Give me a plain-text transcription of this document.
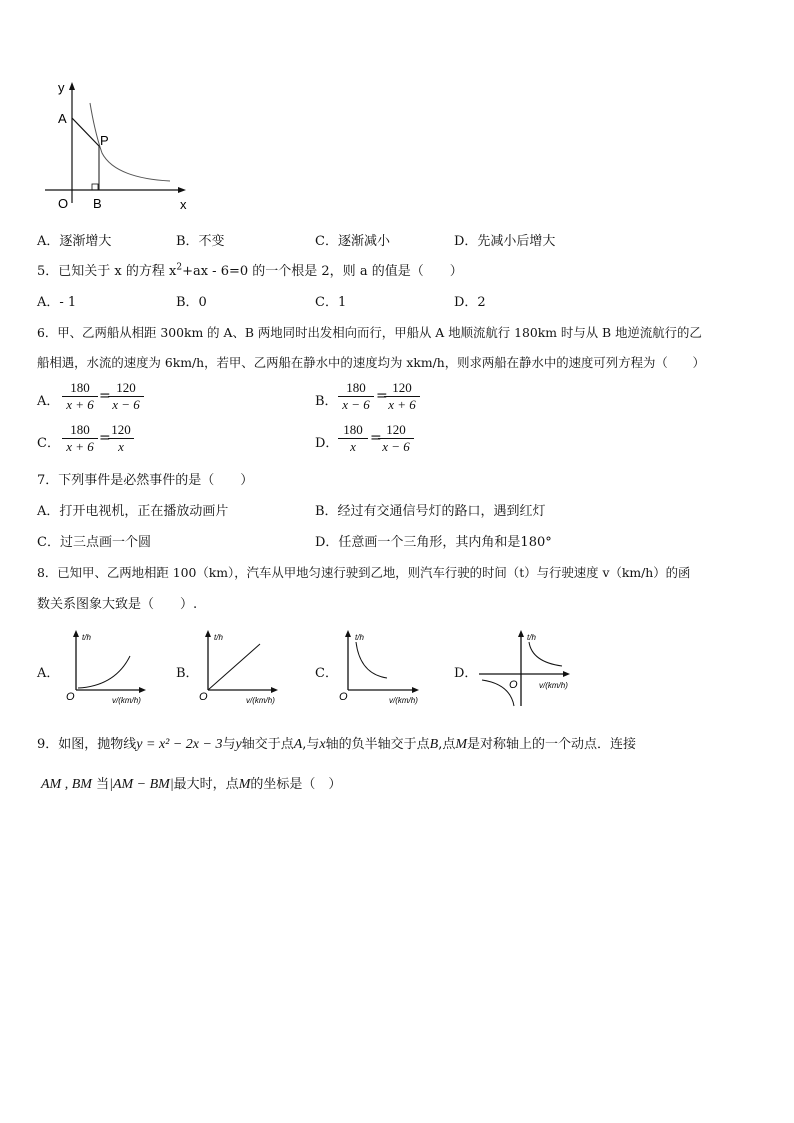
y
x
O
A
P
B
A．逐渐增大	B．不变	C．逐渐减小	D．先减小后增大
5．已知关于 x 的方程 $x^2+ax - 6=0$ 的一个根是 2，则 a 的值是（　　）
A．- 1	B．0	C．1	D．2
6．甲、乙两船从相距 300km 的 A、B 两地同时出发相向而行，甲船从 A 地顺流航行 180km 时与从 B 地逆流航行的乙
船相遇，水流的速度为 6km/h，若甲、乙两船在静水中的速度均为 xkm/h，则求两船在静水中的速度可列方程为（　　）
A． $\frac{180}{x + 6}$ =
$\frac{120}{x - 6}$	B． $\frac{180}{x - 6}$ =
$\frac{120}{x + 6}$
C． $\frac{180}{x + 6}$ =
$\frac{120}{x}$	D． $\frac{180}{x}$ =
$\frac{120}{x - 6}$
7．下列事件是必然事件的是（　　）
A．打开电视机，正在播放动画片	B．经过有交通信号灯的路口，遇到红灯
C．过三点画一个圆	D．任意画一个三角形，其内角和是180°
8．已知甲、乙两地相距 100（km），汽车从甲地匀速行驶到乙地，则汽车行驶的时间（t）与行驶速度 v（km/h）的函
数关系图象大致是（　　）.
A．
t/h
O	v/(km/h)
B．
t/h
O	v/(km/h)
C．
t/h
O	v/(km/h)
D．
t/h
O	v/(km/h)
9．如图，抛物线y = x² − 2x − 3与y轴交于点A,与x轴的负半轴交于点B,点M是对称轴上的一个动点．连接
AM , BM 当|AM − BM|最大时，点M的坐标是（　）
